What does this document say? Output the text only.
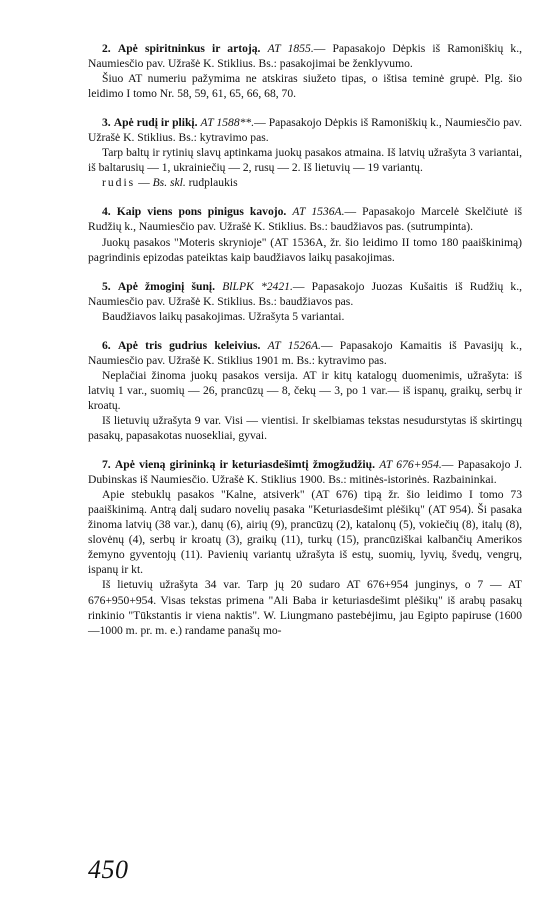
2. Apė spiritninkus ir artoją. AT 1855.— Papasakojo Dėpkis iš Ramoniškių k., Naumiesčio pav. Užrašė K. Stiklius. Bs.: pasakojimai be ženklyvumo.

Šiuo AT numeriu pažymima ne atskiras siužeto tipas, o ištisa teminė grupė. Plg. šio leidimo I tomo Nr. 58, 59, 61, 65, 66, 68, 70.

3. Apė rudį ir plikį. AT 1588**.— Papasakojo Dėpkis iš Ramoniškių k., Naumiesčio pav. Užrašė K. Stiklius. Bs.: kytravimo pas.

Tarp baltų ir rytinių slavų aptinkama juokų pasakos atmaina. Iš latvių užrašyta 3 variantai, iš baltarusių — 1, ukrainiečių — 2, rusų — 2. Iš lietuvių — 19 variantų.

rudis — Bs. skl. rudplaukis

4. Kaip viens pons pinigus kavojo. AT 1536A.— Papasakojo Marcelė Skelčiutė iš Rudžių k., Naumiesčio pav. Užrašė K. Stiklius. Bs.: baudžiavos pas. (sutrumpinta).

Juokų pasakos "Moteris skrynioje" (AT 1536A, žr. šio leidimo II tomo 180 paaiškinimą) pagrindinis epizodas pateiktas kaip baudžiavos laikų pasakojimas.

5. Apė žmoginį šunį. BlLPK *2421.— Papasakojo Juozas Kušaitis iš Rudžių k., Naumiesčio pav. Užrašė K. Stiklius. Bs.: baudžiavos pas.

Baudžiavos laikų pasakojimas. Užrašyta 5 variantai.

6. Apė tris gudrius keleivius. AT 1526A.— Papasakojo Kamaitis iš Pavasijų k., Naumiesčio pav. Užrašė K. Stiklius 1901 m. Bs.: kytravimo pas.

Neplačiai žinoma juokų pasakos versija. AT ir kitų katalogų duomenimis, užrašyta: iš latvių 1 var., suomių — 26, prancūzų — 8, čekų — 3, po 1 var.— iš ispanų, graikų, serbų ir kroatų.

Iš lietuvių užrašyta 9 var. Visi — vientisi. Ir skelbiamas tekstas nesudurstytas iš skirtingų pasakų, papasakotas nuosekliai, gyvai.

7. Apė vieną girininką ir keturiasdešimtį žmogžudžių. AT 676+954.— Papasakojo J. Dubinskas iš Naumiesčio. Užrašė K. Stiklius 1900. Bs.: mitinės-istorinės. Razbaininkai.

Apie stebuklų pasakos "Kalne, atsiverk" (AT 676) tipą žr. šio leidimo I tomo 73 paaiškinimą. Antrą dalį sudaro novelių pasaka "Keturiasdešimt plėšikų" (AT 954). Ši pasaka žinoma latvių (38 var.), danų (6), airių (9), prancūzų (2), katalonų (5), vokiečių (8), italų (8), slovėnų (4), serbų ir kroatų (3), graikų (11), turkų (15), prancūziškai kalbančių Amerikos žemyno gyventojų (11). Pavienių variantų užrašyta iš estų, suomių, lyvių, švedų, vengrų, ispanų ir kt.

Iš lietuvių užrašyta 34 var. Tarp jų 20 sudaro AT 676+954 junginys, o 7 — AT 676+950+954. Visas tekstas primena "Ali Baba ir keturiasdešimt plėšikų" iš arabų pasakų rinkinio "Tūkstantis ir viena naktis". W. Liungmano pastebėjimu, jau Egipto papiruse (1600—1000 m. pr. m. e.) randame panašų mo-

450
